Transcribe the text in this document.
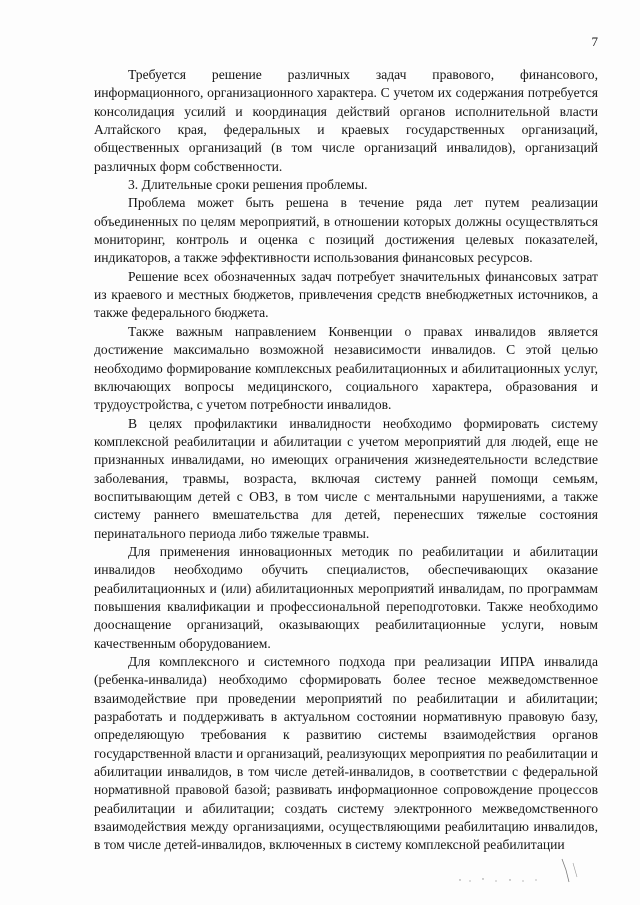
7

Требуется решение различных задач правового, финансового, информационного, организационного характера. С учетом их содержания потребуется консолидация усилий и координация действий органов исполнительной власти Алтайского края, федеральных и краевых государственных организаций, общественных организаций (в том числе организаций инвалидов), организаций различных форм собственности.

3. Длительные сроки решения проблемы.

Проблема может быть решена в течение ряда лет путем реализации объединенных по целям мероприятий, в отношении которых должны осуществляться мониторинг, контроль и оценка с позиций достижения целевых показателей, индикаторов, а также эффективности использования финансовых ресурсов.

Решение всех обозначенных задач потребует значительных финансовых затрат из краевого и местных бюджетов, привлечения средств внебюджетных источников, а также федерального бюджета.

Также важным направлением Конвенции о правах инвалидов является достижение максимально возможной независимости инвалидов. С этой целью необходимо формирование комплексных реабилитационных и абилитационных услуг, включающих вопросы медицинского, социального характера, образования и трудоустройства, с учетом потребности инвалидов.

В целях профилактики инвалидности необходимо формировать систему комплексной реабилитации и абилитации с учетом мероприятий для людей, еще не признанных инвалидами, но имеющих ограничения жизнедеятельности вследствие заболевания, травмы, возраста, включая систему ранней помощи семьям, воспитывающим детей с ОВЗ, в том числе с ментальными нарушениями, а также систему раннего вмешательства для детей, перенесших тяжелые состояния перинатального периода либо тяжелые травмы.

Для применения инновационных методик по реабилитации и абилитации инвалидов необходимо обучить специалистов, обеспечивающих оказание реабилитационных и (или) абилитационных мероприятий инвалидам, по программам повышения квалификации и профессиональной переподготовки. Также необходимо дооснащение организаций, оказывающих реабилитационные услуги, новым качественным оборудованием.

Для комплексного и системного подхода при реализации ИПРА инвалида (ребенка-инвалида) необходимо сформировать более тесное межведомственное взаимодействие при проведении мероприятий по реабилитации и абилитации; разработать и поддерживать в актуальном состоянии нормативную правовую базу, определяющую требования к развитию системы взаимодействия органов государственной власти и организаций, реализующих мероприятия по реабилитации и абилитации инвалидов, в том числе детей-инвалидов, в соответствии с федеральной нормативной правовой базой; развивать информационное сопровождение процессов реабилитации и абилитации; создать систему электронного межведомственного взаимодействия между организациями, осуществляющими реабилитацию инвалидов, в том числе детей-инвалидов, включенных в систему комплексной реабилитации
